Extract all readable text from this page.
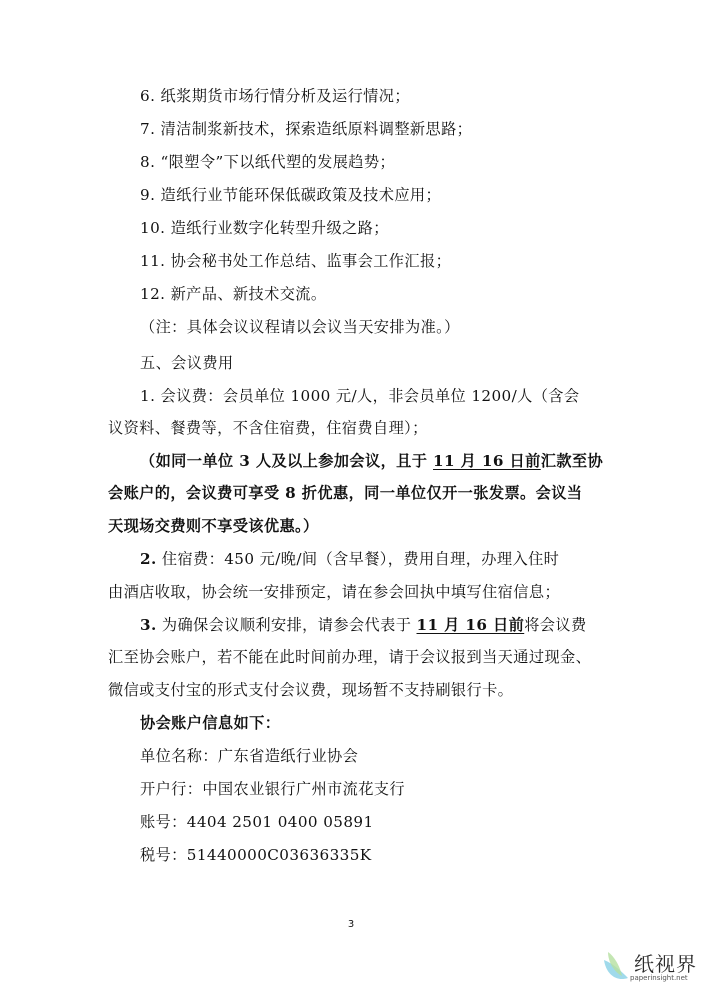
6. 纸浆期货市场行情分析及运行情况；
7. 清洁制浆新技术，探索造纸原料调整新思路；
8. “限塑令”下以纸代塑的发展趋势；
9. 造纸行业节能环保低碳政策及技术应用；
10. 造纸行业数字化转型升级之路；
11. 协会秘书处工作总结、监事会工作汇报；
12. 新产品、新技术交流。
（注：具体会议议程请以会议当天安排为准。）
五、会议费用
1. 会议费：会员单位 1000 元/人，非会员单位 1200/人（含会
议资料、餐费等，不含住宿费，住宿费自理）；
（如同一单位 3 人及以上参加会议，且于 11 月 16 日前汇款至协
会账户的，会议费可享受 8 折优惠，同一单位仅开一张发票。会议当
天现场交费则不享受该优惠。）
2. 住宿费：450 元/晚/间（含早餐），费用自理，办理入住时
由酒店收取，协会统一安排预定，请在参会回执中填写住宿信息；
3. 为确保会议顺利安排，请参会代表于 11 月 16 日前将会议费
汇至协会账户，若不能在此时间前办理，请于会议报到当天通过现金、
微信或支付宝的形式支付会议费，现场暂不支持刷银行卡。
协会账户信息如下：
单位名称：广东省造纸行业协会
开户行：中国农业银行广州市流花支行
账号：4404 2501 0400 05891
税号：51440000C03636335K
3
纸视界
paperinsight.net
